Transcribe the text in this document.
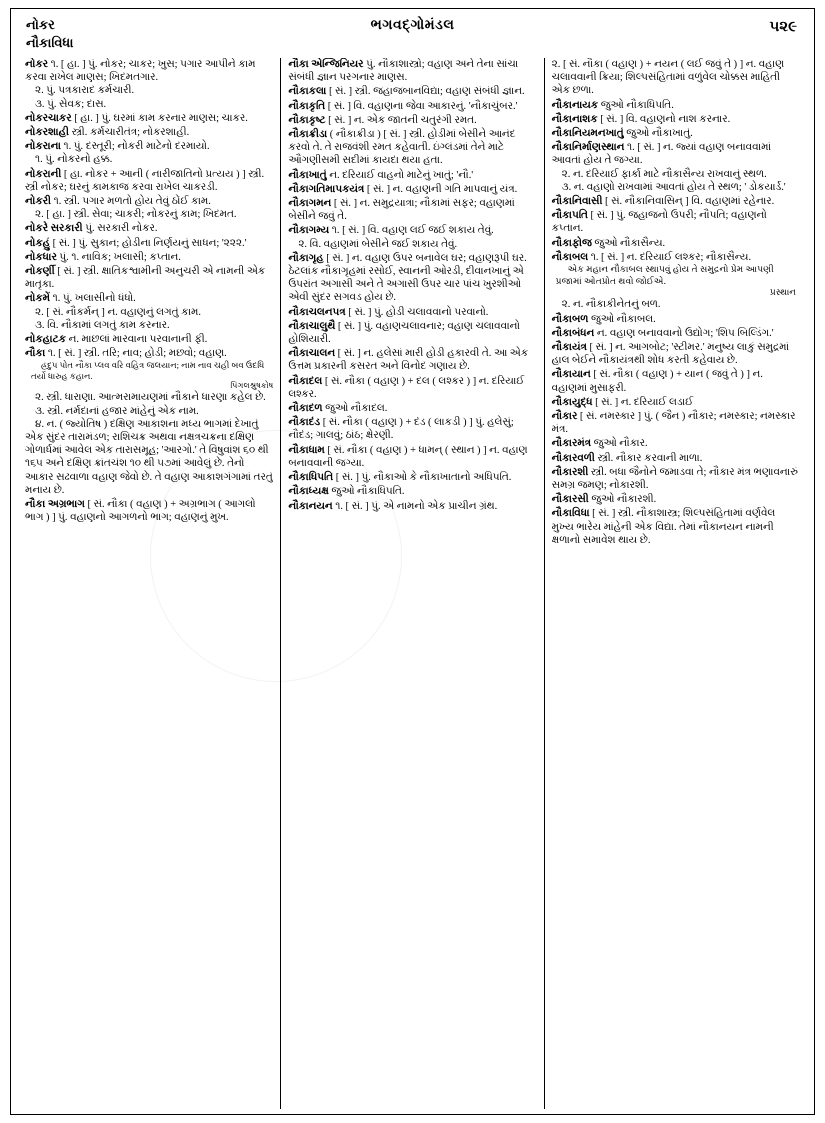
નોકર
નૌકાવિધા
ભગવદ્ગોમંડલ	૫૨૯
નોકર ૧. [ હા. ] પું. નોકર; ચાકર; ખુસ; પગાર આપીને કામ કરવા રાખેલ માણસ; ખિદમતગાર.
૨. પું. પત્રકારાદ કર્મચારી.
૩. પું. સેવક; દાસ.
નોકરચાકર [ હા. ] પું. ઘરમાં કામ કરનાર માણસ; ચાકર.
નોકરશાહી સ્ત્રી. કર્મચારીતંત્ર; નોકરશાહી.
નોકરાના ૧. પું. દસ્તૂરી; નોકરી માટેનો દરમાયો.
૧. પું. નોકરનો હક્ક.
નોકરાની [ હા. નોકર + આની ( નારીજાતિનો પ્રત્યય ) ] સ્ત્રી. સ્ત્રી નોકર; ઘરનું કામકાજ કરવા રાખેલ ચાકરડી.
નોકરી ૧. સ્ત્રી. પગાર મળતો હોય તેવું ઠોંઈ કામ.
૨. [ હા. ] સ્ત્રી. સેવા; ચાકરી; નોકરનું કામ; ખિદમત.
નોકરે સરકારી પું. સરકારી નોકર.
નોકહું [ સં. ] પું. સુકાન; હોડીના નિર્ણયનું સાધન; '૨૨૨.'
નોકધાર પું. ૧. નાવિક; ખલાસી; કપ્તાન.
નોકર્ણી [ સં. ] સ્ત્રી. ક્ષાતિકશ્વામીની અનુચરી એ નામની એક માતૃકા.
નોકમેં ૧. પું. ખલાસીનો ધંધો.
૨. [ સં. નૌકર્મન્ ] ન. વહાણનું લગતું કામ.
૩. વિ. નૌકામાં લગતું કામ કરનાર.
નોકહાટક ન. માછલાં મારવાના પરવાનાની ફી.
નૌકા ૧. [ સં. ] સ્ત્રી. તરિ; નાવ; હોડી; મછવો; વહાણ.
હ્રદુપ પોત નૌકા પ્લવ વરિ વહિત્ર જલયાન; નામ નાવ ચહી બવ ઉદધિ તર્યો ધારુહ કહાન.
પિંગલશ્રુષકોષ
૨. સ્ત્રી. ધારાણા. આત્મરામાયણમાં નૌકાને ધારણા કહેલ છે.
૩. સ્ત્રી. નર્મદાનાં હજાર માંહેનું એક નામ.
૪. ન. ( જ્યોતિષ ) દક્ષિણ આકાશના મધ્ય ભાગમાં દેખાતું એક સુંદર તારામંડળ; રાશિચક્ર અથવા નક્ષત્રચક્રના દક્ષિણ ગોળાર્ધમાં આવેલ એક તારાસમૂહ; 'આરગો.' તે વિષુવાંશ ૬૦ થી ૧૬૫ અને દક્ષિણ ક્રાંતચંશ ૧૦ થી ૫૭માં આવેલું છે. તેનો આકાર સઢવાળા વહાણ જેવો છે. તે વહાણ આકાશગંગામાં તરતું મનાય છે.
નૌકા અગ્રભાગ [ સં. નૌકા ( વહાણ ) + અગ્રભાગ ( આગલો ભાગ ) ] પું. વહાણનો આગળનો ભાગ; વહાણનું મુખ.
નૌકા એન્જિનિયર પું. નૌકાશાસ્ત્રો; વહાણ અને તેના સાંચા સંબંધી જ્ઞાન પરગનાર માણસ.
નૌકાકલા [ સં. ] સ્ત્રી. જહાજબાનવિદ્યા; વહાણ સંબંધી જ્ઞાન.
નૌકાકૃતિ [ સં. ] વિ. વહાણના જેવા આકારનું. 'નૌકાચુંબર.'
નૌકાકૃષ્ટ [ સં. ] ન. એક જાતની ચતુરંગી રમત.
નૌકાક્રીડા ( નૌકાક્રીડા ) [ સં. ] સ્ત્રી. હોડીમાં બેસીને આનંદ કરવો તે. તે રાજવંશી રમત કહેવાતી. ઇંગ્લંડમાં તેને માટે ઔગણીસમી સદીમાં કાયદા થયા હતા.
નૌકાખાતું ન. દરિયાઈ વાહનો માટેનું ખાતું; 'નૌ.'
નૌકાગતિમાપકયંત્ર [ સં. ] ન. વહાણની ગતિ માપવાનું યંત્ર.
નૌકાગમન [ સં. ] ન. સમુદ્રયાત્રા; નૌકામાં સફર; વહાણમાં બેસીને જવું તે.
નૌકાગમ્ય ૧. [ સં. ] વિ. વહાણ લઈ જઈ શકાય તેવું.
૨. વિ. વહાણમાં બેસીને જઈ શકાય તેવું.
નૌકાગૃહ [ સં. ] ન. વહાણ ઉપર બનાવેલ ઘર; વહાણરૂપી ઘર. ઠેટલાંક નૌકાગૃહમાં રસોઈ, સ્વાનની ઓરડી, દીવાનખાનું એ ઉપરાંત અગાસી અને તે અગાસી ઉપર ચાર પાંચ ખુરશીઓ એવી સુંદર સગવડ હોય છે.
નૌકાચલનપત્ર [ સં. ] પું. હોડી ચલાવવાનો પરવાનો.
નૌકાચાલુથૈ [ સં. ] પું. વહાણચલાવનાર; વહાણ ચલાવવાનો હોશિયારી.
નૌકાચાલન [ સં. ] ન. હલેસાં મારી હોડી હકારવી તે. આ એક ઉત્તમ પ્રકારની કસરત અને વિનોદ ગણાય છે.
નૌકાદલ [ સં. નૌકા ( વહાણ ) + દલ ( લશ્કર ) ] ન. દરિયાઈ લશ્કર.
નૌકાદળ જુઓ નૌકાદલ.
નૌકાદંડ [ સં. નૌકા ( વહાણ ) + દંડ ( લાકડી ) ] પું. હલેસું; નૌદંડ; ગાલવું; ઠાંઠ; ક્ષેરણી.
નૌકાધામ [ સં. નૌકા ( વહાણ ) + ધામન્ ( સ્થાન ) ] ન. વહાણ બનાવવાની જગ્યા.
નૌકાધિપતિ [ સં. ] પું. નૌકાઓ કે નૌકાખાતાનો અધિપતિ.
નૌકાધ્યક્ષ જુઓ નૌકાધિપતિ.
નૌકાનયન ૧. [ સં. ] પું. એ નામનો એક પ્રાચીન ગ્રંથ.
૨. [ સં. નૌકા ( વહાણ ) + નયન ( લઈ જવું તે ) ] ન. વહાણ ચલાવવાની ક્રિયા; શિલ્પસંહિતામાં વળુંવેલ ચોક્કસ માહિતી એક છળા.
નૌકાનાયક જુઓ નૌકાધિપતિ.
નૌકાનાશક [ સં. ] વિ. વહાણનો નાશ કરનાર.
નૌકાનિયમનખાતું જુઓ નૌકાખાતું.
નૌકાનિર્માણસ્થાન ૧. [ સં. ] ન. જ્યાં વહાણ બનાવવામાં આવતાં હોય તે જગ્યા.
૨. ન. દરિયાઈ ફાર્કા માટે નૌકાસૈન્ય રાખવાનું સ્થળ.
૩. ન. વહાણો રાખવામાં આવતાં હોય તે સ્થળ; ' ડોકયાર્ડ.'
નૌકાનિવાસી [ સં. નૌકાનિવાસિન્ ] વિ. વહાણમાં રહેનાર.
નૌકાપતિ [ સં. ] પું. જહાજનો ઉપરી; નૌપતિ; વહાણનો કપ્તાન.
નૌકાફોજ જુઓ નૌકાસૈન્ય.
નૌકાબલ ૧. [ સં. ] ન. દરિયાઈ લશ્કર; નૌકાસૈન્ય.
એક મહાન નૌકાબલ સ્થાપવું હોય તે સમુદ્રનો પ્રેમ આપણી પ્રજામાં ઓતપ્રોત થવો જોઈએ.
પ્રસ્થાન
૨. ન. નૌકાકીનેતનું બળ.
નૌકાબળ જુઓ નૌકાબલ.
નૌકાબંધન ન. વહાણ બનાવવાનો ઉદ્યોગ; 'શિપ બિલ્ડિંગ.'
નૌકાયંત્ર [ સં. ] ન. આગબોટ; 'સ્ટીમર.' મનુષ્ય લાકું સમુદ્રમાં હાલ બેઈને નૌકાયંત્રથી શોધ કરતી કહેવાય છે.
નૌકાયાન [ સં. નૌકા ( વહાણ ) + યાન ( જવું તે ) ] ન. વહાણમાં મુસાફરી.
નૌકાયુદ્ધ [ સં. ] ન. દરિયાઈ લડાઈ
નૌકાર [ સં. નમસ્કાર ] પું. ( જૈન ) નૌકાર; નમસ્કાર; નમસ્કાર મંત્ર.
નૌકારમંત્ર જુઓ નૌકાર.
નૌકારવળી સ્ત્રી. નૌકાર કરવાની માળા.
નૌકારશી સ્ત્રી. બધા જૈનોને જમાડવા તે; નૌકાર મંત્ર ભણાવનારું સમગ્ર જમણ; નોકારશી.
નૌકારસી જુઓ નૌકારશી.
નૌકાવિધા [ સં. ] સ્ત્રી. નૌકાશાસ્ત્ર; શિલ્પસંહિતામાં વર્ણવેલ મુખ્ય ભારેય માંહેની એક વિદ્યા. તેમાં નૌકાનયન નામની ક્ષળાનો સમાવેશ થાય છે.
